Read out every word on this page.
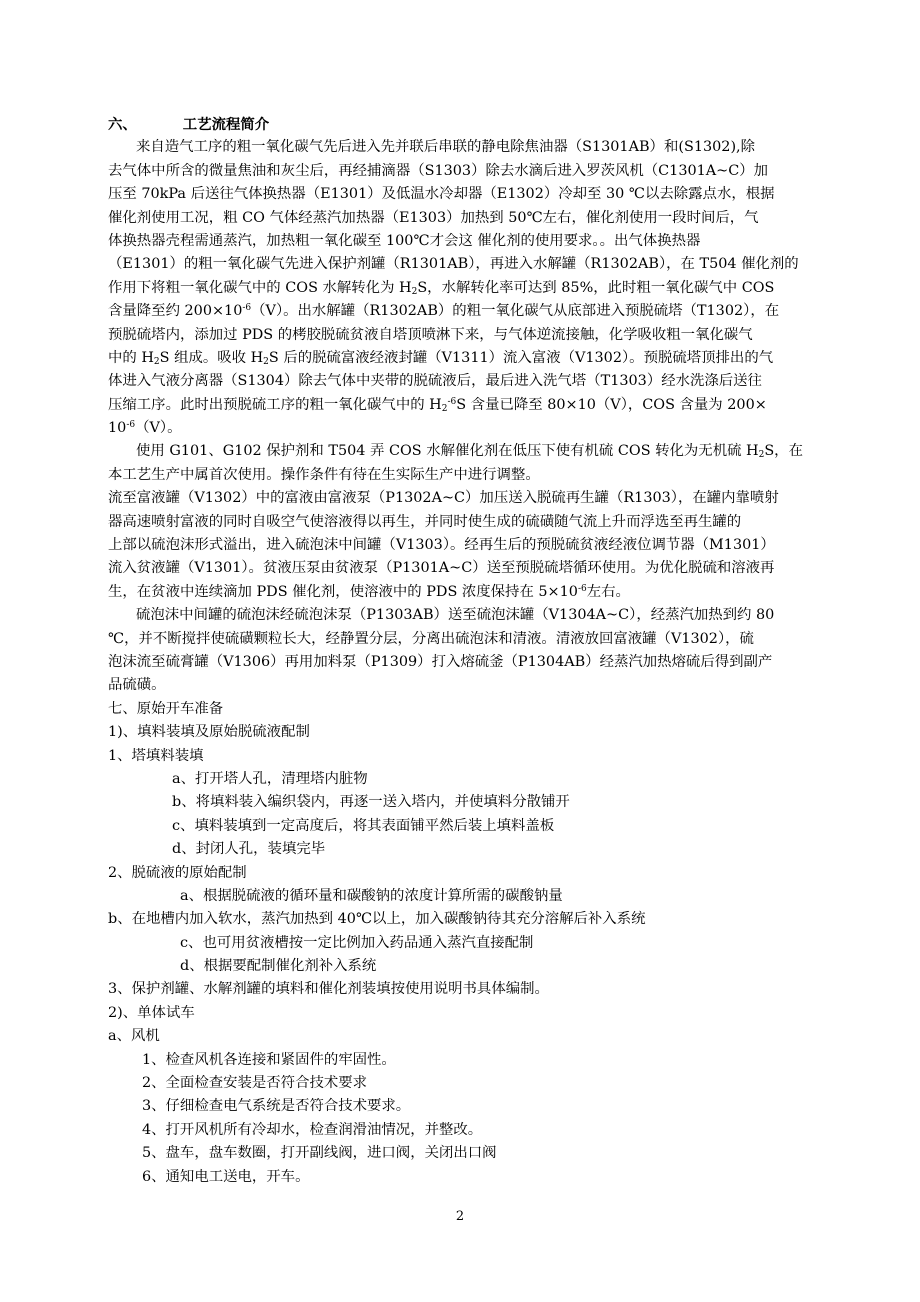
六、	工艺流程简介
来自造气工序的粗一氧化碳气先后进入先并联后串联的静电除焦油器（S1301AB）和(S1302),除
去气体中所含的微量焦油和灰尘后，再经捕滴器（S1303）除去水滴后进入罗茨风机（C1301A~C）加
压至 70kPa 后送往气体换热器（E1301）及低温水冷却器（E1302）冷却至 30 ℃以去除露点水，根据
催化剂使用工况，粗 CO 气体经蒸汽加热器（E1303）加热到 50℃左右，催化剂使用一段时间后，气
体换热器壳程需通蒸汽，加热粗一氧化碳至 100℃才会这 催化剂的使用要求。。出气体换热器
（E1301）的粗一氧化碳气先进入保护剂罐（R1301AB），再进入水解罐（R1302AB），在 T504 催化剂的
作用下将粗一氧化碳气中的 COS 水解转化为 $H_2S$，水解转化率可达到 85%，此时粗一氧化碳气中 COS
含量降至约 $200\times 10^{-6}(V)$。出水解罐（R1302AB）的粗一氧化碳气从底部进入预脱硫塔（T1302），在
预脱硫塔内，添加过 PDS 的栲胶脱硫贫液自塔顶喷淋下来，与气体逆流接触，化学吸收粗一氧化碳气
中的 $H_2S$ 组成。吸收 $H_2S$ 后的脱硫富液经液封罐（V1311）流入富液（V1302）。预脱硫塔顶排出的气
体进入气液分离器（S1304）除去气体中夹带的脱硫液后，最后进入洗气塔（T1303）经水洗涤后送往
压缩工序。此时出预脱硫工序的粗一氧化碳气中的 $H_2^{-6}S$ 含量已降至 80×10（V），COS 含量为 200×
$10^{-6}(V)$。
使用 G101、G102 保护剂和 T504 弄 COS 水解催化剂在低压下使有机硫 COS 转化为无机硫 $H_2S$，在
本工艺生产中属首次使用。操作条件有待在生实际生产中进行调整。
流至富液罐（V1302）中的富液由富液泵（P1302A~C）加压送入脱硫再生罐（R1303），在罐内靠喷射
器高速喷射富液的同时自吸空气使溶液得以再生，并同时使生成的硫磺随气流上升而浮选至再生罐的
上部以硫泡沫形式溢出，进入硫泡沫中间罐（V1303）。经再生后的预脱硫贫液经液位调节器（M1301）
流入贫液罐（V1301）。贫液压泵由贫液泵（P1301A~C）送至预脱硫塔循环使用。为优化脱硫和溶液再
生，在贫液中连续滴加 PDS 催化剂，使溶液中的 PDS 浓度保持在 $5\times 10^{-6}$左右。
硫泡沫中间罐的硫泡沫经硫泡沫泵（P1303AB）送至硫泡沫罐（V1304A~C），经蒸汽加热到约 80
℃，并不断搅拌使硫磺颗粒长大，经静置分层，分离出硫泡沫和清液。清液放回富液罐（V1302），硫
泡沫流至硫膏罐（V1306）再用加料泵（P1309）打入熔硫釜（P1304AB）经蒸汽加热熔硫后得到副产
品硫磺。
七、原始开车准备
1)、填料装填及原始脱硫液配制
1、塔填料装填
a、打开塔人孔，清理塔内脏物
b、将填料装入编织袋内，再逐一送入塔内，并使填料分散铺开
c、填料装填到一定高度后，将其表面铺平然后装上填料盖板
d、封闭人孔，装填完毕
2、脱硫液的原始配制
a、根据脱硫液的循环量和碳酸钠的浓度计算所需的碳酸钠量
b、在地槽内加入软水，蒸汽加热到 40℃以上，加入碳酸钠待其充分溶解后补入系统
c、也可用贫液槽按一定比例加入药品通入蒸汽直接配制
d、根据要配制催化剂补入系统
3、保护剂罐、水解剂罐的填料和催化剂装填按使用说明书具体编制。
2)、单体试车
a、风机
1、检查风机各连接和紧固件的牢固性。
2、全面检查安装是否符合技术要求
3、仔细检查电气系统是否符合技术要求。
4、打开风机所有冷却水，检查润滑油情况，并整改。
5、盘车，盘车数圈，打开副线阀，进口阀，关闭出口阀
6、通知电工送电，开车。
2
